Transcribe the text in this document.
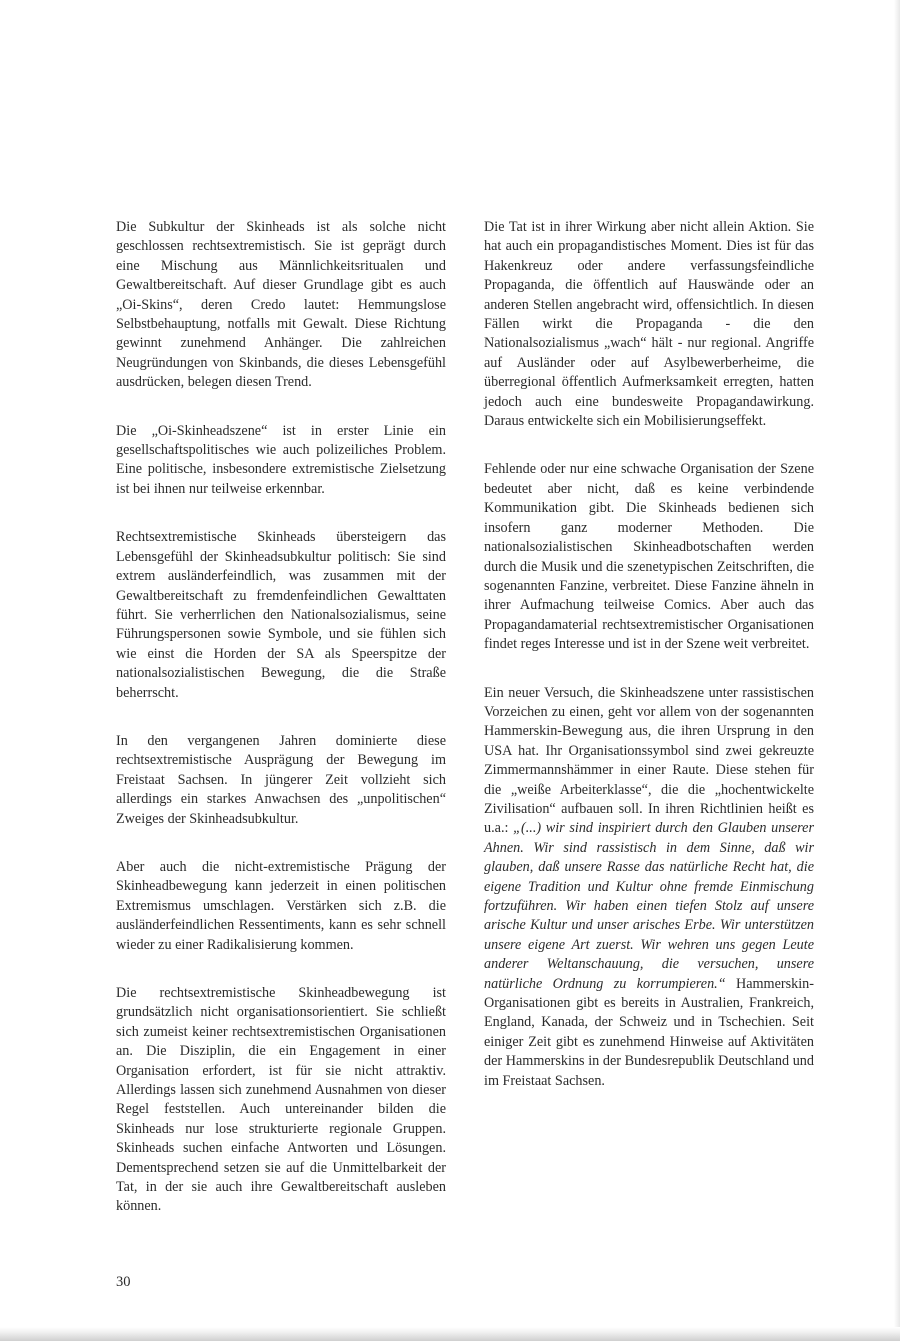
Die Subkultur der Skinheads ist als solche nicht geschlossen rechtsextremistisch. Sie ist geprägt durch eine Mischung aus Männlichkeitsritualen und Gewaltbereitschaft. Auf dieser Grundlage gibt es auch „Oi-Skins“, deren Credo lautet: Hemmungslose Selbstbehauptung, notfalls mit Gewalt. Diese Richtung gewinnt zunehmend Anhänger. Die zahlreichen Neugründungen von Skinbands, die dieses Lebensgefühl ausdrücken, belegen diesen Trend.

Die „Oi-Skinheadszene“ ist in erster Linie ein gesellschaftspolitisches wie auch polizeiliches Problem. Eine politische, insbesondere extremistische Zielsetzung ist bei ihnen nur teilweise erkennbar.

Rechtsextremistische Skinheads übersteigern das Lebensgefühl der Skinheadsubkultur politisch: Sie sind extrem ausländerfeindlich, was zusammen mit der Gewaltbereitschaft zu fremdenfeindlichen Gewalttaten führt. Sie verherrlichen den Nationalsozialismus, seine Führungspersonen sowie Symbole, und sie fühlen sich wie einst die Horden der SA als Speerspitze der nationalsozialistischen Bewegung, die die Straße beherrscht.

In den vergangenen Jahren dominierte diese rechtsextremistische Ausprägung der Bewegung im Freistaat Sachsen. In jüngerer Zeit vollzieht sich allerdings ein starkes Anwachsen des „unpolitischen“ Zweiges der Skinheadsubkultur.

Aber auch die nicht-extremistische Prägung der Skinheadbewegung kann jederzeit in einen politischen Extremismus umschlagen. Verstärken sich z.B. die ausländerfeindlichen Ressentiments, kann es sehr schnell wieder zu einer Radikalisierung kommen.

Die rechtsextremistische Skinheadbewegung ist grundsätzlich nicht organisationsorientiert. Sie schließt sich zumeist keiner rechtsextremistischen Organisationen an. Die Disziplin, die ein Engagement in einer Organisation erfordert, ist für sie nicht attraktiv. Allerdings lassen sich zunehmend Ausnahmen von dieser Regel feststellen. Auch untereinander bilden die Skinheads nur lose strukturierte regionale Gruppen. Skinheads suchen einfache Antworten und Lösungen. Dementsprechend setzen sie auf die Unmittelbarkeit der Tat, in der sie auch ihre Gewaltbereitschaft ausleben können.

Die Tat ist in ihrer Wirkung aber nicht allein Aktion. Sie hat auch ein propagandistisches Moment. Dies ist für das Hakenkreuz oder andere verfassungsfeindliche Propaganda, die öffentlich auf Hauswände oder an anderen Stellen angebracht wird, offensichtlich. In diesen Fällen wirkt die Propaganda - die den Nationalsozialismus „wach“ hält - nur regional. Angriffe auf Ausländer oder auf Asylbewerberheime, die überregional öffentlich Aufmerksamkeit erregten, hatten jedoch auch eine bundesweite Propagandawirkung. Daraus entwickelte sich ein Mobilisierungseffekt.

Fehlende oder nur eine schwache Organisation der Szene bedeutet aber nicht, daß es keine verbindende Kommunikation gibt. Die Skinheads bedienen sich insofern ganz moderner Methoden. Die nationalsozialistischen Skinheadbotschaften werden durch die Musik und die szenetypischen Zeitschriften, die sogenannten Fanzine, verbreitet. Diese Fanzine ähneln in ihrer Aufmachung teilweise Comics. Aber auch das Propagandamaterial rechtsextremistischer Organisationen findet reges Interesse und ist in der Szene weit verbreitet.

Ein neuer Versuch, die Skinheadszene unter rassistischen Vorzeichen zu einen, geht vor allem von der sogenannten Hammerskin-Bewegung aus, die ihren Ursprung in den USA hat. Ihr Organisationssymbol sind zwei gekreuzte Zimmermannshämmer in einer Raute. Diese stehen für die „weiße Arbeiterklasse“, die die „hochentwickelte Zivilisation“ aufbauen soll. In ihren Richtlinien heißt es u.a.: „(...) wir sind inspiriert durch den Glauben unserer Ahnen. Wir sind rassistisch in dem Sinne, daß wir glauben, daß unsere Rasse das natürliche Recht hat, die eigene Tradition und Kultur ohne fremde Einmischung fortzuführen. Wir haben einen tiefen Stolz auf unsere arische Kultur und unser arisches Erbe. Wir unterstützen unsere eigene Art zuerst. Wir wehren uns gegen Leute anderer Weltanschauung, die versuchen, unsere natürliche Ordnung zu korrumpieren.“ Hammerskin-Organisationen gibt es bereits in Australien, Frankreich, England, Kanada, der Schweiz und in Tschechien. Seit einiger Zeit gibt es zunehmend Hinweise auf Aktivitäten der Hammerskins in der Bundesrepublik Deutschland und im Freistaat Sachsen.

30
